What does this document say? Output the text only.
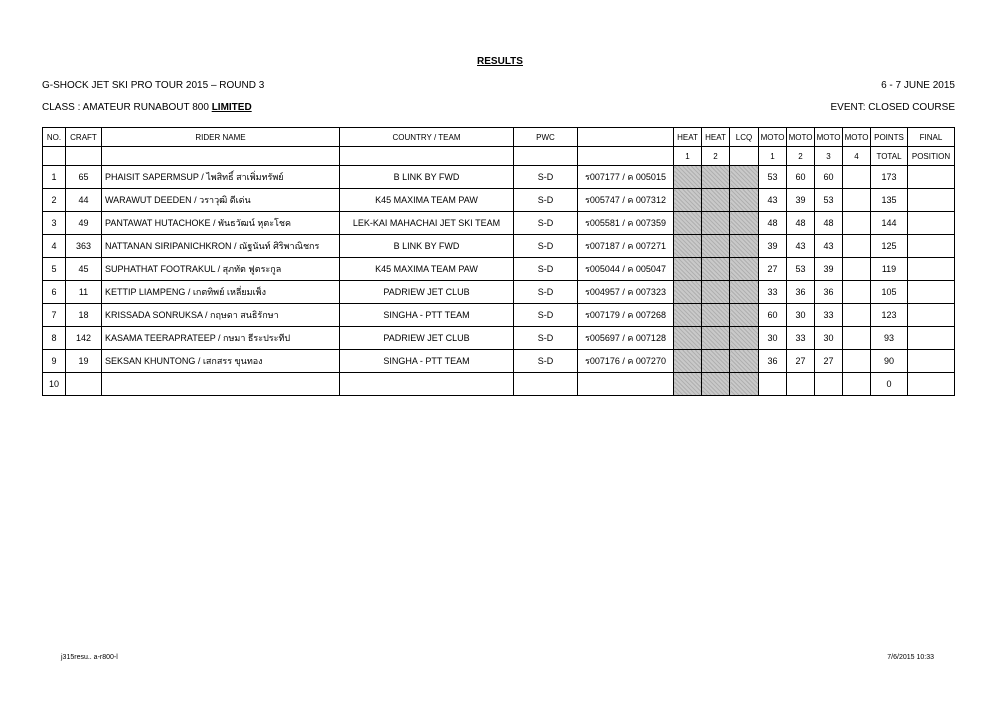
RESULTS
G-SHOCK JET SKI PRO TOUR 2015 – ROUND 3	6 - 7 JUNE 2015
CLASS : AMATEUR RUNABOUT 800 LIMITED	EVENT: CLOSED COURSE
NO.	CRAFT	RIDER NAME	COUNTRY / TEAM	PWC		HEAT	HEAT	LCQ	MOTO	MOTO	MOTO	MOTO	POINTS	FINAL
						1	2		1	2	3	4	TOTAL	POSITION
1	65	PHAISIT SAPERMSUP / ไพสิทธิ์ สาเพิ่มทรัพย์	B LINK BY FWD	S-D	ร007177 / ค 005015				53	60	60		173	
2	44	WARAWUT DEEDEN / วราวุฒิ ดีเด่น	K45 MAXIMA TEAM PAW	S-D	ร005747 / ค 007312				43	39	53		135	
3	49	PANTAWAT HUTACHOKE / พันธวัฒน์ หุตะโชค	LEK-KAI MAHACHAI JET SKI TEAM	S-D	ร005581 / ค 007359				48	48	48		144	
4	363	NATTANAN SIRIPANICHKRON / ณัฐนันท์ ศิริพาณิชกร	B LINK BY FWD	S-D	ร007187 / ค 007271				39	43	43		125	
5	45	SUPHATHAT FOOTRAKUL / สุภทัต ฟูตระกูล	K45 MAXIMA TEAM PAW	S-D	ร005044 / ค 005047				27	53	39		119	
6	11	KETTIP LIAMPENG / เกตทิพย์ เหลี่ยมเพ็ง	PADRIEW JET CLUB	S-D	ร004957 / ค 007323				33	36	36		105	
7	18	KRISSADA SONRUKSA / กฤษดา สนธิรักษา	SINGHA - PTT TEAM	S-D	ร007179 / ค 007268				60	30	33		123	
8	142	KASAMA TEERAPRATEEP / กษมา ธีระประทีป	PADRIEW JET CLUB	S-D	ร005697 / ค 007128				30	33	30		93	
9	19	SEKSAN KHUNTONG / เสกสรร ขุนทอง	SINGHA - PTT TEAM	S-D	ร007176 / ค 007270				36	27	27		90	
10													0	
j315resu.. a-r800-l	7/6/2015 10:33
